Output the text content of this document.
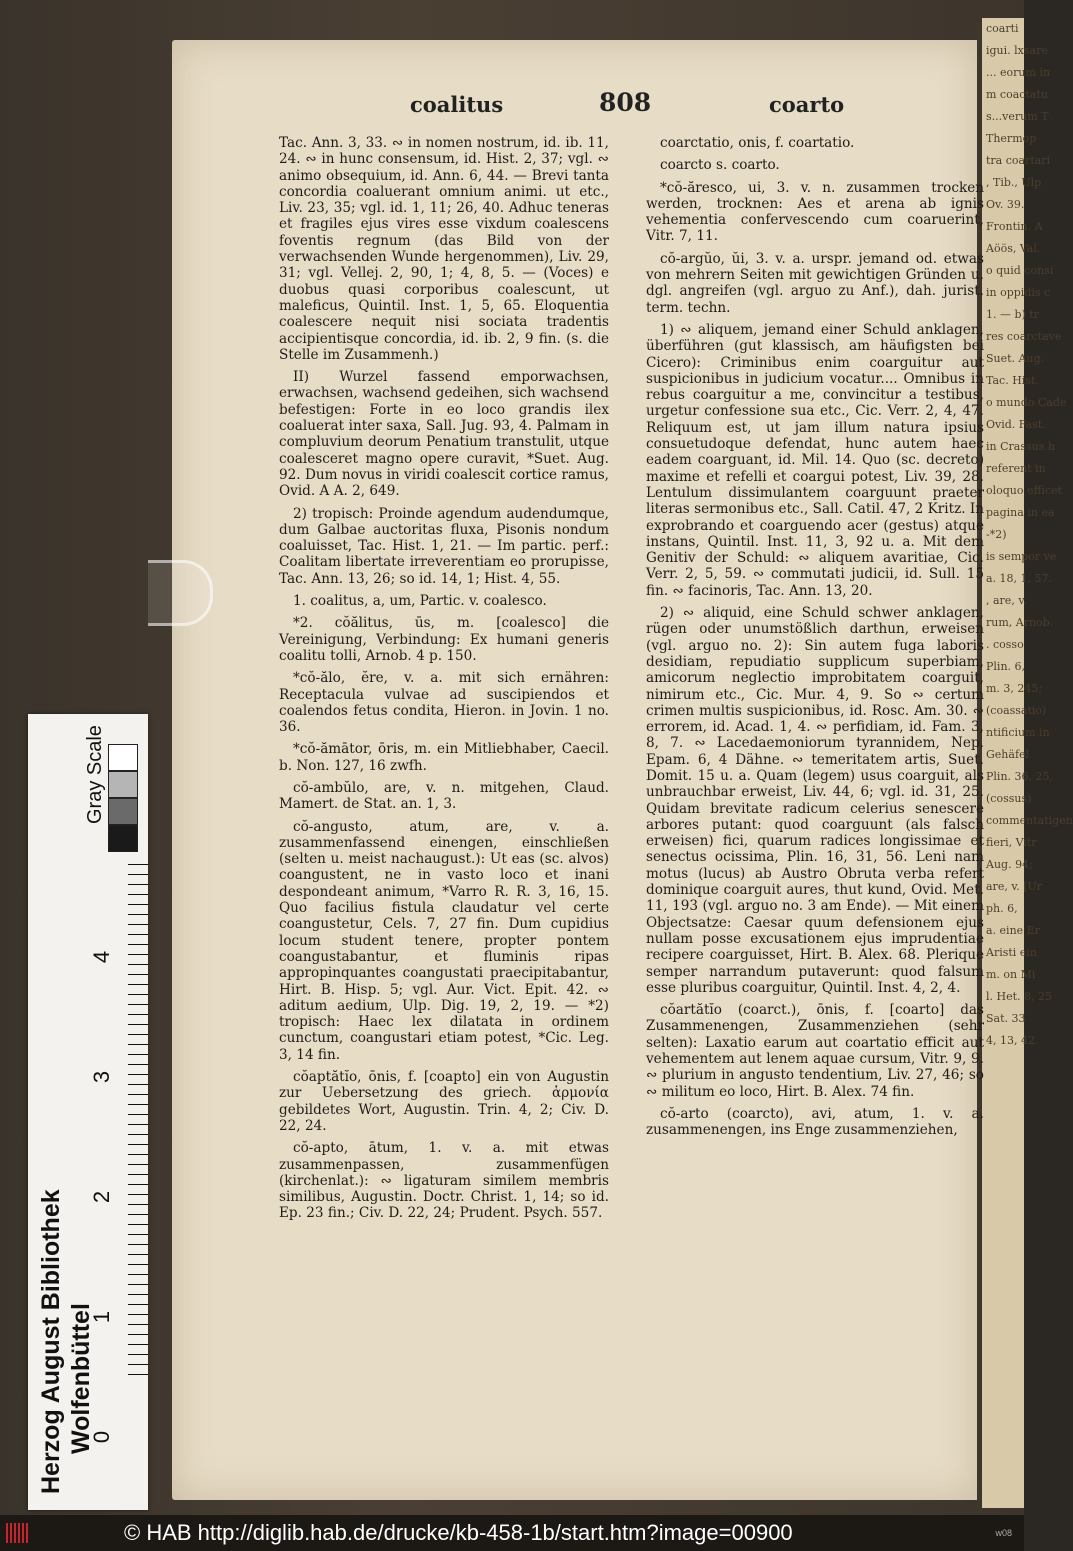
coarti
igui. lxsare
... eorum in
m coactatu
s...verum T
Thermop
tra coartari
, Tib., Ulp
Ov. 39.
Frontin. A
Aöös, Val.
o quid consi
in oppidis c
1. — b) tr
res coarctave
Suet. Aug.
Tac. Hist.
o mundo Cade
Ovid. Fast.
in Crassus h
referent in
oloquo efficet
pagina in ea
-*2)
is sempor ve
a. 18, 1, 57.
, are, v.
rum, Arnob.
. cosso
Plin. 6,
m. 3, 245;
(coassatio)
ntificium in
Gehäfel
Plin. 36, 25,
(cossus)
commentatigen
fieri, Vitr
Aug. 94;
are, v. [Ur
ph. 6,
a. eine Er
Aristi ein
m. on Mi
l. Het. 8, 25
Sat. 33
4, 13, 42.
coalitus	808	coarto

Tac. Ann. 3, 33. ∾ in nomen nostrum, id. ib. 11, 24. ∾ in hunc consensum, id. Hist. 2, 37; vgl. ∾ animo obsequium, id. Ann. 6, 44. — Brevi tanta concordia coaluerant omnium animi. ut etc., Liv. 23, 35; vgl. id. 1, 11; 26, 40. Adhuc teneras et fragiles ejus vires esse vixdum coalescens foventis regnum (das Bild von der verwachsenden Wunde hergenommen), Liv. 29, 31; vgl. Vellej. 2, 90, 1; 4, 8, 5. — (Voces) e duobus quasi corporibus coalescunt, ut maleficus, Quintil. Inst. 1, 5, 65. Eloquentia coalescere nequit nisi sociata tradentis accipientisque concordia, id. ib. 2, 9 fin. (s. die Stelle im Zusammenh.)

II) Wurzel fassend emporwachsen, erwachsen, wachsend gedeihen, sich wachsend befestigen: Forte in eo loco grandis ilex coaluerat inter saxa, Sall. Jug. 93, 4. Palmam in compluvium deorum Penatium transtulit, utque coalesceret magno opere curavit, *Suet. Aug. 92. Dum novus in viridi coalescit cortice ramus, Ovid. A A. 2, 649.

2) tropisch: Proinde agendum audendumque, dum Galbae auctoritas fluxa, Pisonis nondum coaluisset, Tac. Hist. 1, 21. — Im partic. perf.: Coalitam libertate irreverentiam eo prorupisse, Tac. Ann. 13, 26; so id. 14, 1; Hist. 4, 55.

1. coalitus, a, um, Partic. v. coalesco.

*2. cŏălitus, ūs, m. [coalesco] die Vereinigung, Verbindung: Ex humani generis coalitu tolli, Arnob. 4 p. 150.

*cŏ-ălo, ĕre, v. a. mit sich ernähren: Receptacula vulvae ad suscipiendos et coalendos fetus condita, Hieron. in Jovin. 1 no. 36.

*cŏ-ămātor, ōris, m. ein Mitliebhaber, Caecil. b. Non. 127, 16 zwfh.

cŏ-ambŭlo, are, v. n. mitgehen, Claud. Mamert. de Stat. an. 1, 3.

cŏ-angusto, atum, are, v. a. zusammenfassend einengen, einschließen (selten u. meist nachaugust.): Ut eas (sc. alvos) coangustent, ne in vasto loco et inani despondeant animum, *Varro R. R. 3, 16, 15. Quo facilius fistula claudatur vel certe coangustetur, Cels. 7, 27 fin. Dum cupidius locum student tenere, propter pontem coangustabantur, et fluminis ripas appropinquantes coangustati praecipitabantur, Hirt. B. Hisp. 5; vgl. Aur. Vict. Epit. 42. ∾ aditum aedium, Ulp. Dig. 19, 2, 19. — *2) tropisch: Haec lex dilatata in ordinem cunctum, coangustari etiam potest, *Cic. Leg. 3, 14 fin.

cŏaptătĭo, ōnis, f. [coapto] ein von Augustin zur Uebersetzung des griech. ἁρμονία gebildetes Wort, Augustin. Trin. 4, 2; Civ. D. 22, 24.

cŏ-apto, ātum, 1. v. a. mit etwas zusammenpassen, zusammenfügen (kirchenlat.): ∾ ligaturam similem membris similibus, Augustin. Doctr. Christ. 1, 14; so id. Ep. 23 fin.; Civ. D. 22, 24; Prudent. Psych. 557.

coarctatio, onis, f. coartatio.

coarcto s. coarto.

*cŏ-ăresco, ui, 3. v. n. zusammen trocken werden, trocknen: Aes et arena ab ignis vehementia confervescendo cum coaruerint, Vitr. 7, 11.

cŏ-argŭo, ŭi, 3. v. a. urspr. jemand od. etwas von mehrern Seiten mit gewichtigen Gründen u. dgl. angreifen (vgl. arguo zu Anf.), dah. jurist. term. techn.

1) ∾ aliquem, jemand einer Schuld anklagen, überführen (gut klassisch, am häufigsten bei Cicero): Criminibus enim coarguitur aut suspicionibus in judicium vocatur.... Omnibus in rebus coarguitur a me, convincitur a testibus, urgetur confessione sua etc., Cic. Verr. 2, 4, 47. Reliquum est, ut jam illum natura ipsius consuetudoque defendat, hunc autem haec eadem coarguant, id. Mil. 14. Quo (sc. decreto) maxime et refelli et coargui potest, Liv. 39, 28. Lentulum dissimulantem coarguunt praeter literas sermonibus etc., Sall. Catil. 47, 2 Kritz. In exprobrando et coarguendo acer (gestus) atque instans, Quintil. Inst. 11, 3, 92 u. a. Mit dem Genitiv der Schuld: ∾ aliquem avaritiae, Cic. Verr. 2, 5, 59. ∾ commutati judicii, id. Sull. 15 fin. ∾ facinoris, Tac. Ann. 13, 20.

2) ∾ aliquid, eine Schuld schwer anklagen, rügen oder unumstößlich darthun, erweisen (vgl. arguo no. 2): Sin autem fuga laboris desidiam, repudiatio supplicum superbiam, amicorum neglectio improbitatem coarguit, nimirum etc., Cic. Mur. 4, 9. So ∾ certum crimen multis suspicionibus, id. Rosc. Am. 30. ∾ errorem, id. Acad. 1, 4. ∾ perfidiam, id. Fam. 3, 8, 7. ∾ Lacedaemoniorum tyrannidem, Nep. Epam. 6, 4 Dähne. ∾ temeritatem artis, Suet. Domit. 15 u. a. Quam (legem) usus coarguit, als unbrauchbar erweist, Liv. 44, 6; vgl. id. 31, 25. Quidam brevitate radicum celerius senescere arbores putant: quod coarguunt (als falsch erweisen) fici, quarum radices longissimae et senectus ocissima, Plin. 16, 31, 56. Leni nam motus (lucus) ab Austro Obruta verba refert dominique coarguit aures, thut kund, Ovid. Met. 11, 193 (vgl. arguo no. 3 am Ende). — Mit einem Objectsatze: Caesar quum defensionem ejus nullam posse excusationem ejus imprudentiae recipere coarguisset, Hirt. B. Alex. 68. Plerique semper narrandum putaverunt: quod falsum esse pluribus coarguitur, Quintil. Inst. 4, 2, 4.

cŏartătĭo (coarct.), ōnis, f. [coarto] das Zusammenengen, Zusammenziehen (sehr selten): Laxatio earum aut coartatio efficit aut vehementem aut lenem aquae cursum, Vitr. 9, 9. ∾ plurium in angusto tendentium, Liv. 27, 46; so ∾ militum eo loco, Hirt. B. Alex. 74 fin.

cŏ-arto (coarcto), avi, atum, 1. v. a. zusammenengen, ins Enge zusammenziehen,

Gray Scale
0
1
2
3
4
Herzog August Bibliothek Wolfenbüttel
© HAB http://diglib.hab.de/drucke/kb-458-1b/start.htm?image=00900	w08
